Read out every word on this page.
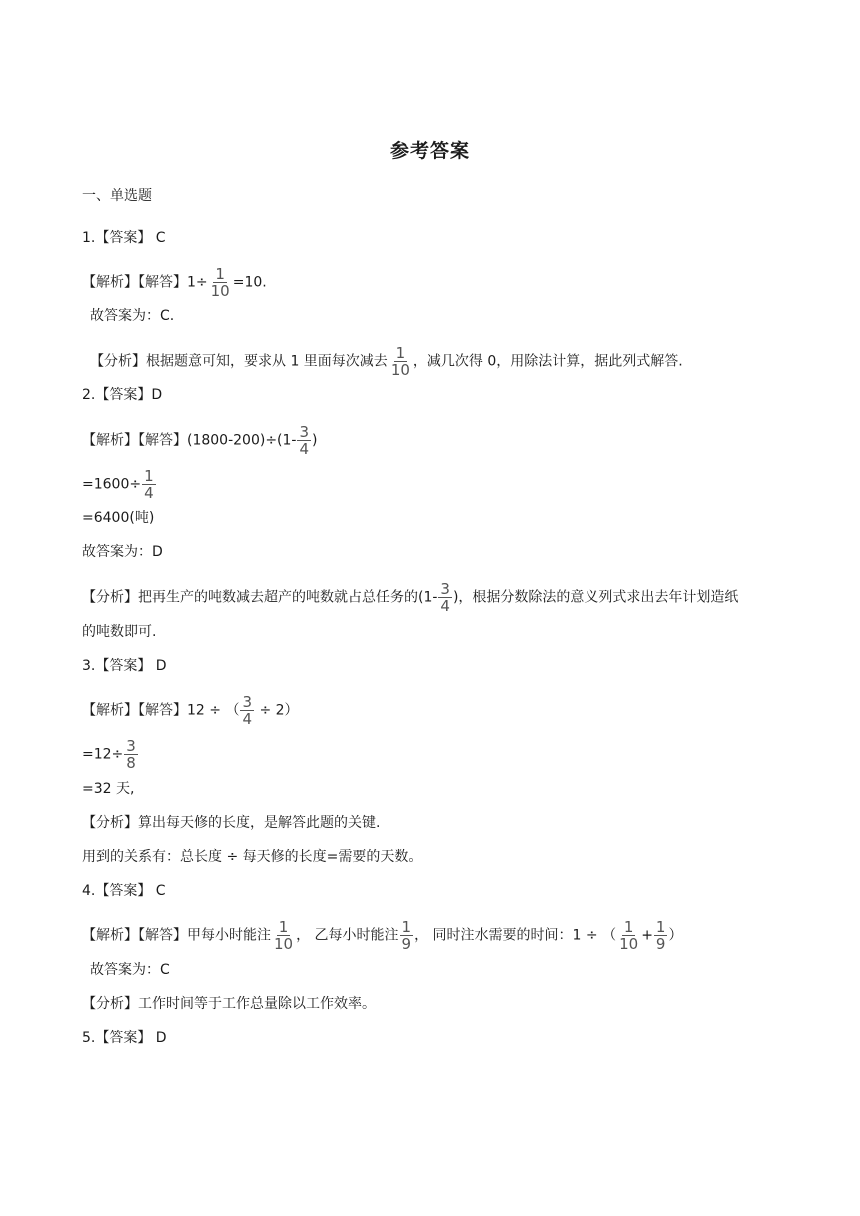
参考答案
一、单选题
1.【答案】 C
【解析】【解答】$1\div \frac{1}{10} =10$.
故答案为：C.
【分析】根据题意可知，要求从 1 里面每次减去 $\frac{1}{10}$ ，减几次得 0，用除法计算，据此列式解答.
2.【答案】D
【解析】【解答】$(1800-200)\div(1- \frac{3}{4}$ )
$=1600\div \frac{1}{4}$
=6400(吨)
故答案为：D
【分析】把再生产的吨数减去超产的吨数就占总任务的($1- \frac{3}{4}$ )，根据分数除法的意义列式求出去年计划造纸
的吨数即可.
3.【答案】 D
【解析】【解答】12 ÷ （ $\frac{3}{4} \div 2$）
$=12\div \frac{3}{8}$
=32 天,
【分析】算出每天修的长度，是解答此题的关键.
用到的关系有：总长度 ÷ 每天修的长度=需要的天数。
4.【答案】 C
【解析】【解答】甲每小时能注 $\frac{1}{10}$ ， 乙每小时能注 $\frac{1}{9}$ ， 同时注水需要的时间：1 ÷ （ $\frac{1}{10} + \frac{1}{9}$ ）
故答案为：C
【分析】工作时间等于工作总量除以工作效率。
5.【答案】 D
